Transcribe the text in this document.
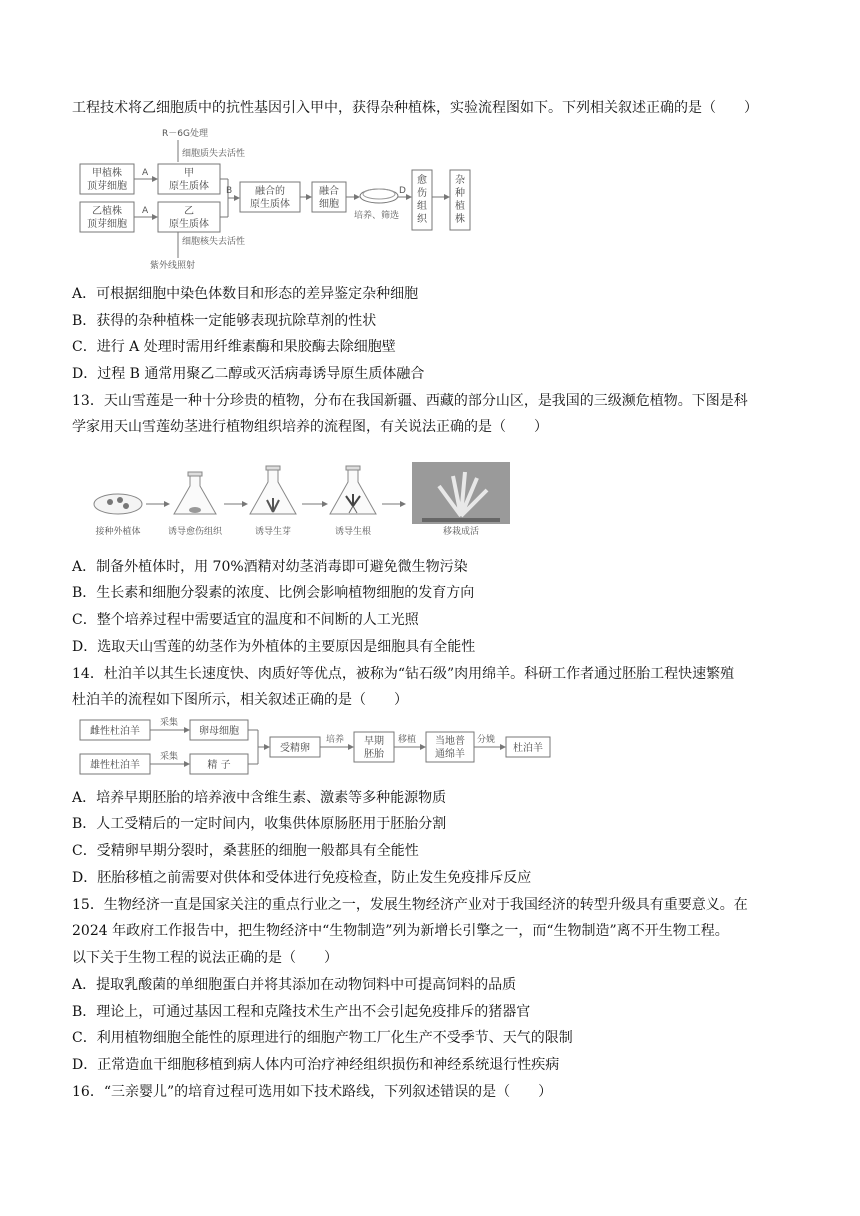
工程技术将乙细胞质中的抗性基因引入甲中，获得杂种植株，实验流程图如下。下列相关叙述正确的是（　　）
R－6G处理
细胞质失去活性
甲植株
顶芽细胞
乙植株
顶芽细胞
A
A
甲
原生质体
乙
原生质体
B 融合的
原生质体
融合
细胞
培养、筛选
D
愈
伤
组
织
杂
种
植
株
细胞核失去活性
紫外线照射
A．可根据细胞中染色体数目和形态的差异鉴定杂种细胞
B．获得的杂种植株一定能够表现抗除草剂的性状
C．进行 A 处理时需用纤维素酶和果胶酶去除细胞壁
D．过程 B 通常用聚乙二醇或灭活病毒诱导原生质体融合
13．天山雪莲是一种十分珍贵的植物，分布在我国新疆、西藏的部分山区，是我国的三级濒危植物。下图是科
学家用天山雪莲幼茎进行植物组织培养的流程图，有关说法正确的是（　　）
接种外植体	诱导愈伤组织	诱导生芽	诱导生根	移栽成活
A．制备外植体时，用 70%酒精对幼茎消毒即可避免微生物污染
B．生长素和细胞分裂素的浓度、比例会影响植物细胞的发育方向
C．整个培养过程中需要适宜的温度和不间断的人工光照
D．选取天山雪莲的幼茎作为外植体的主要原因是细胞具有全能性
14．杜泊羊以其生长速度快、肉质好等优点，被称为“钻石级”肉用绵羊。科研工作者通过胚胎工程快速繁殖
杜泊羊的流程如下图所示，相关叙述正确的是（　　）
雌性杜泊羊
雄性杜泊羊
采集
采集
卵母细胞
精 子
受精卵
培养 早期
胚胎
移植 当地普
通绵羊
分娩
杜泊羊
A．培养早期胚胎的培养液中含维生素、激素等多种能源物质
B．人工受精后的一定时间内，收集供体原肠胚用于胚胎分割
C．受精卵早期分裂时，桑葚胚的细胞一般都具有全能性
D．胚胎移植之前需要对供体和受体进行免疫检查，防止发生免疫排斥反应
15．生物经济一直是国家关注的重点行业之一，发展生物经济产业对于我国经济的转型升级具有重要意义。在
2024 年政府工作报告中，把生物经济中“生物制造”列为新增长引擎之一，而“生物制造”离不开生物工程。
以下关于生物工程的说法正确的是（　　）
A．提取乳酸菌的单细胞蛋白并将其添加在动物饲料中可提高饲料的品质
B．理论上，可通过基因工程和克隆技术生产出不会引起免疫排斥的猪器官
C．利用植物细胞全能性的原理进行的细胞产物工厂化生产不受季节、天气的限制
D．正常造血干细胞移植到病人体内可治疗神经组织损伤和神经系统退行性疾病
16．“三亲婴儿”的培育过程可选用如下技术路线，下列叙述错误的是（　　）
